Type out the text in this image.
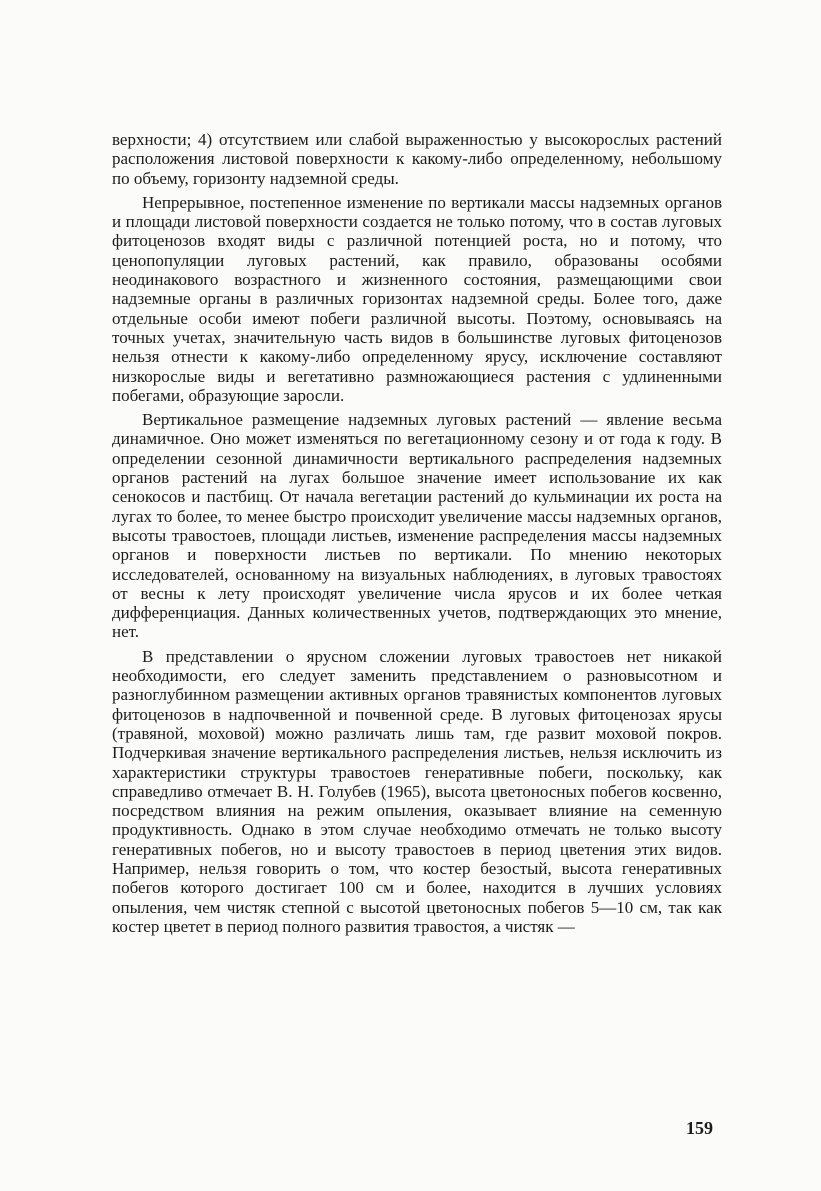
верхности; 4) отсутствием или слабой выраженностью у высокорослых растений расположения листовой поверхности к какому-либо определенному, небольшому по объему, горизонту надземной среды.

Непрерывное, постепенное изменение по вертикали массы надземных органов и площади листовой поверхности создается не только потому, что в состав луговых фитоценозов входят виды с различной потенцией роста, но и потому, что ценопопуляции луговых растений, как правило, образованы особями неодинакового возрастного и жизненного состояния, размещающими свои надземные органы в различных горизонтах надземной среды. Более того, даже отдельные особи имеют побеги различной высоты. Поэтому, основываясь на точных учетах, значительную часть видов в большинстве луговых фитоценозов нельзя отнести к какому-либо определенному ярусу, исключение составляют низкорослые виды и вегетативно размножающиеся растения с удлиненными побегами, образующие заросли.

Вертикальное размещение надземных луговых растений — явление весьма динамичное. Оно может изменяться по вегетационному сезону и от года к году. В определении сезонной динамичности вертикального распределения надземных органов растений на лугах большое значение имеет использование их как сенокосов и пастбищ. От начала вегетации растений до кульминации их роста на лугах то более, то менее быстро происходит увеличение массы надземных органов, высоты травостоев, площади листьев, изменение распределения массы надземных органов и поверхности листьев по вертикали. По мнению некоторых исследователей, основанному на визуальных наблюдениях, в луговых травостоях от весны к лету происходят увеличение числа ярусов и их более четкая дифференциация. Данных количественных учетов, подтверждающих это мнение, нет.

В представлении о ярусном сложении луговых травостоев нет никакой необходимости, его следует заменить представлением о разновысотном и разноглубинном размещении активных органов травянистых компонентов луговых фитоценозов в надпочвенной и почвенной среде. В луговых фитоценозах ярусы (травяной, моховой) можно различать лишь там, где развит моховой покров. Подчеркивая значение вертикального распределения листьев, нельзя исключить из характеристики структуры травостоев генеративные побеги, поскольку, как справедливо отмечает В. Н. Голубев (1965), высота цветоносных побегов косвенно, посредством влияния на режим опыления, оказывает влияние на семенную продуктивность. Однако в этом случае необходимо отмечать не только высоту генеративных побегов, но и высоту травостоев в период цветения этих видов. Например, нельзя говорить о том, что костер безостый, высота генеративных побегов которого достигает 100 см и более, находится в лучших условиях опыления, чем чистяк степной с высотой цветоносных побегов 5—10 см, так как костер цветет в период полного развития травостоя, а чистяк —

159
